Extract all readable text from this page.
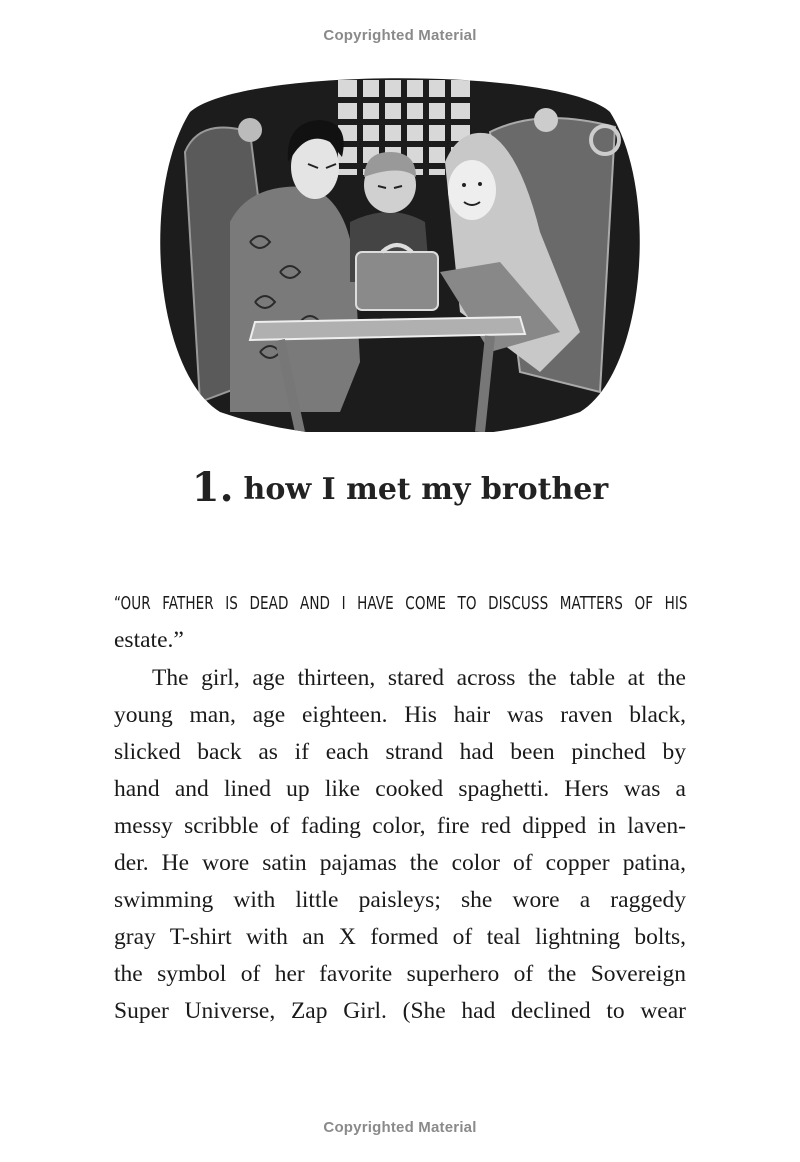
Copyrighted Material
1. how I met my brother
“OUR FATHER IS DEAD AND I HAVE COME TO DISCUSS MATTERS OF HIS
estate.”
The girl, age thirteen, stared across the table at the
young man, age eighteen. His hair was raven black,
slicked back as if each strand had been pinched by
hand and lined up like cooked spaghetti. Hers was a
messy scribble of fading color, fire red dipped in laven-
der. He wore satin pajamas the color of copper patina,
swimming with little paisleys; she wore a raggedy
gray T-shirt with an X formed of teal lightning bolts,
the symbol of her favorite superhero of the Sovereign
Super Universe, Zap Girl. (She had declined to wear
Copyrighted Material
